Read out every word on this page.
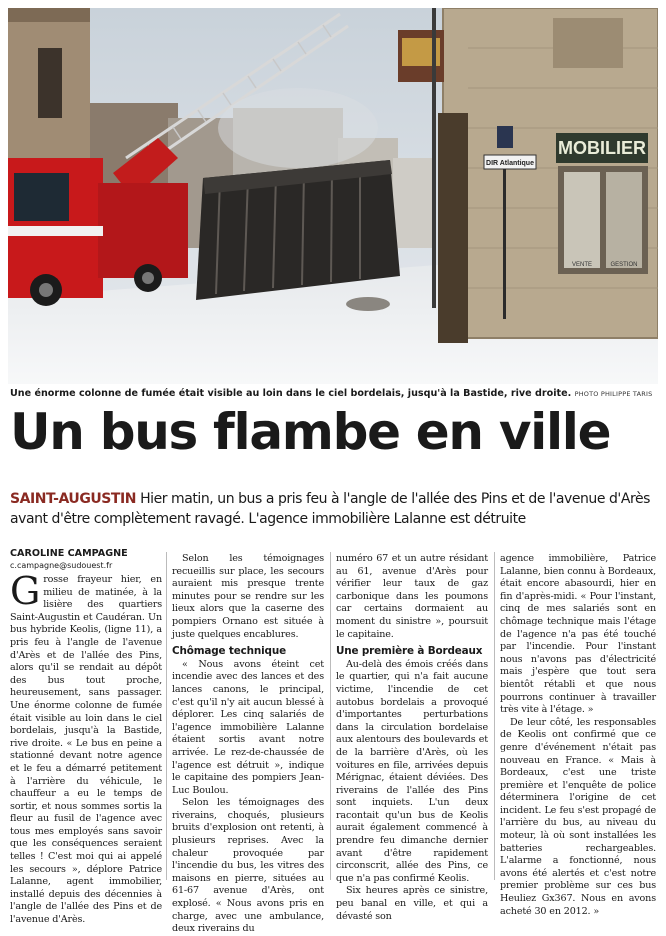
MOBILIER
VENTE	GESTION
DIR Atlantique
Une énorme colonne de fumée était visible au loin dans le ciel bordelais, jusqu'à la Bastide, rive droite. PHOTO PHILIPPE TARIS
Un bus flambe en ville
SAINT-AUGUSTIN Hier matin, un bus a pris feu à l'angle de l'allée des Pins et de l'avenue d'Arès avant d'être complètement ravagé. L'agence immobilière Lalanne est détruite
CAROLINE CAMPAGNE
c.campagne@sudouest.fr

Grosse frayeur hier, en milieu de matinée, à la lisière des quartiers Saint-Augustin et Caudéran. Un bus hybride Keolis, (ligne 11), a pris feu à l'angle de l'avenue d'Arès et de l'allée des Pins, alors qu'il se rendait au dépôt des bus tout proche, heureusement, sans passager. Une énorme colonne de fumée était visible au loin dans le ciel bordelais, jusqu'à la Bastide, rive droite. « Le bus en peine a stationné devant notre agence et le feu a démarré petitement à l'arrière du véhicule, le chauffeur a eu le temps de sortir, et nous sommes sortis la fleur au fusil de l'agence avec tous mes employés sans savoir que les conséquences seraient telles ! C'est moi qui ai appelé les secours », déplore Patrice Lalanne, agent immobilier, installé depuis des décennies à l'angle de l'allée des Pins et de l'avenue d'Arès.

Selon les témoignages recueillis sur place, les secours auraient mis presque trente minutes pour se rendre sur les lieux alors que la caserne des pompiers Ornano est située à juste quelques encablures.

Chômage technique

« Nous avons éteint cet incendie avec des lances et des lances canons, le principal, c'est qu'il n'y ait aucun blessé à déplorer. Les cinq salariés de l'agence immobilière Lalanne étaient sortis avant notre arrivée. Le rez-de-chaussée de l'agence est détruit », indique le capitaine des pompiers Jean-Luc Boulou.

Selon les témoignages des riverains, choqués, plusieurs bruits d'explosion ont retenti, à plusieurs reprises. Avec la chaleur provoquée par l'incendie du bus, les vitres des maisons en pierre, situées au 61-67 avenue d'Arès, ont explosé. « Nous avons pris en charge, avec une ambulance, deux riverains du

numéro 67 et un autre résidant au 61, avenue d'Arès pour vérifier leur taux de gaz carbonique dans les poumons car certains dormaient au moment du sinistre », poursuit le capitaine.

Une première à Bordeaux

Au-delà des émois créés dans le quartier, qui n'a fait aucune victime, l'incendie de cet autobus bordelais a provoqué d'importantes perturbations dans la circulation bordelaise aux alentours des boulevards et de la barrière d'Arès, où les voitures en file, arrivées depuis Mérignac, étaient déviées. Des riverains de l'allée des Pins sont inquiets. L'un deux racontait qu'un bus de Keolis aurait également commencé à prendre feu dimanche dernier avant d'être rapidement circonscrit, allée des Pins, ce que n'a pas confirmé Keolis.

Six heures après ce sinistre, peu banal en ville, et qui a dévasté son

agence immobilière, Patrice Lalanne, bien connu à Bordeaux, était encore abasourdi, hier en fin d'après-midi. « Pour l'instant, cinq de mes salariés sont en chômage technique mais l'étage de l'agence n'a pas été touché par l'incendie. Pour l'instant nous n'avons pas d'électricité mais j'espère que tout sera bientôt rétabli et que nous pourrons continuer à travailler très vite à l'étage. »

De leur côté, les responsables de Keolis ont confirmé que ce genre d'événement n'était pas nouveau en France. « Mais à Bordeaux, c'est une triste première et l'enquête de police déterminera l'origine de cet incident. Le feu s'est propagé de l'arrière du bus, au niveau du moteur, là où sont installées les batteries rechargeables. L'alarme a fonctionné, nous avons été alertés et c'est notre premier problème sur ces bus Heuliez Gx367. Nous en avons acheté 30 en 2012. »
